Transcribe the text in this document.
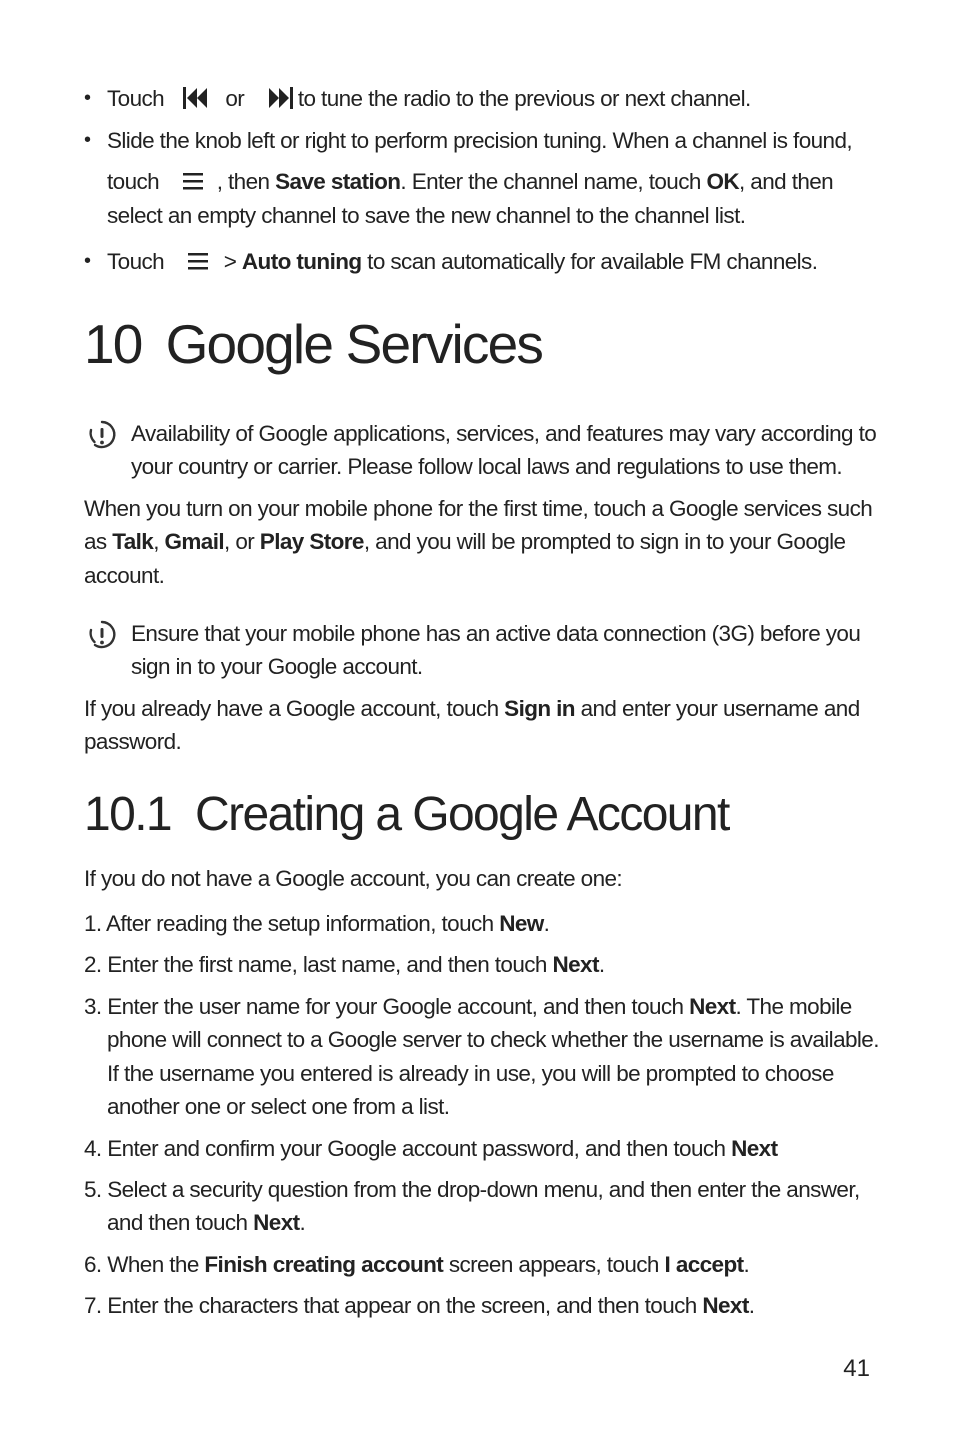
• Touch	or to tune the radio to the previous or next channel.
• Slide the knob left or right to perform precision tuning. When a channel is found,
touch	, then Save station. Enter the channel name, touch OK, and then
select an empty channel to save the new channel to the channel list.
• Touch	> Auto tuning to scan automatically for available FM channels.
10 Google Services
Availability of Google applications, services, and features may vary according to
your country or carrier. Please follow local laws and regulations to use them.
When you turn on your mobile phone for the first time, touch a Google services such
as Talk, Gmail, or Play Store, and you will be prompted to sign in to your Google
account.
Ensure that your mobile phone has an active data connection (3G) before you
sign in to your Google account.
If you already have a Google account, touch Sign in and enter your username and
password.
10.1 Creating a Google Account
If you do not have a Google account, you can create one:
1. After reading the setup information, touch New.
2. Enter the first name, last name, and then touch Next.
3. Enter the user name for your Google account, and then touch Next. The mobile
phone will connect to a Google server to check whether the username is available.
If the username you entered is already in use, you will be prompted to choose
another one or select one from a list.
4. Enter and confirm your Google account password, and then touch Next
5. Select a security question from the drop-down menu, and then enter the answer,
and then touch Next.
6. When the Finish creating account screen appears, touch I accept.
7. Enter the characters that appear on the screen, and then touch Next.
41
